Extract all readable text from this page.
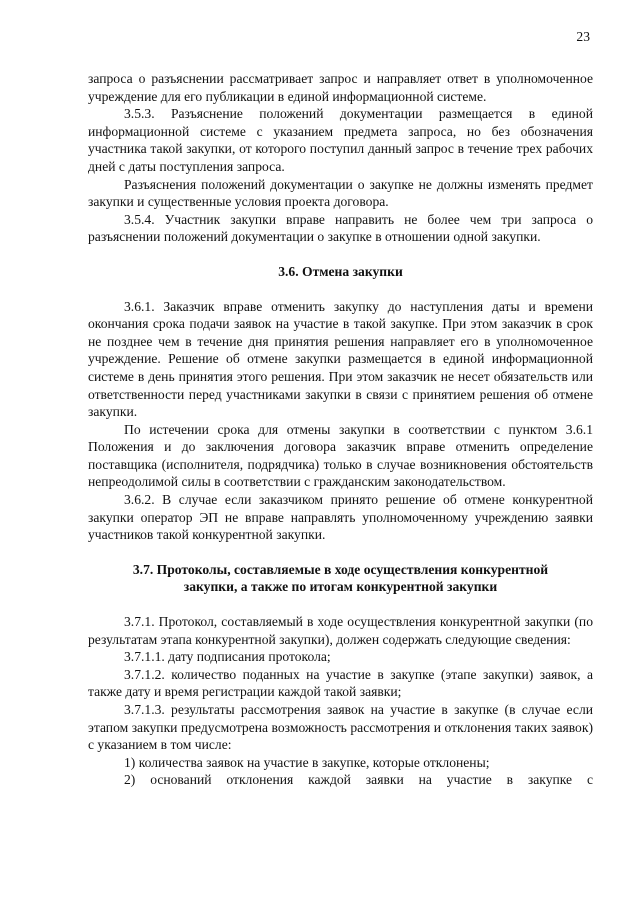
23

запроса о разъяснении рассматривает запрос и направляет ответ в уполномоченное учреждение для его публикации в единой информационной системе.

3.5.3. Разъяснение положений документации размещается в единой информационной системе с указанием предмета запроса, но без обозначения участника такой закупки, от которого поступил данный запрос в течение трех рабочих дней с даты поступления запроса.

Разъяснения положений документации о закупке не должны изменять предмет закупки и существенные условия проекта договора.

3.5.4. Участник закупки вправе направить не более чем три запроса о разъяснении положений документации о закупке в отношении одной закупки.

3.6. Отмена закупки

3.6.1. Заказчик вправе отменить закупку до наступления даты и времени окончания срока подачи заявок на участие в такой закупке. При этом заказчик в срок не позднее чем в течение дня принятия решения направляет его в уполномоченное учреждение. Решение об отмене закупки размещается в единой информационной системе в день принятия этого решения. При этом заказчик не несет обязательств или ответственности перед участниками закупки в связи с принятием решения об отмене закупки.

По истечении срока для отмены закупки в соответствии с пунктом 3.6.1 Положения и до заключения договора заказчик вправе отменить определение поставщика (исполнителя, подрядчика) только в случае возникновения обстоятельств непреодолимой силы в соответствии с гражданским законодательством.

3.6.2. В случае если заказчиком принято решение об отмене конкурентной закупки оператор ЭП не вправе направлять уполномоченному учреждению заявки участников такой конкурентной закупки.

3.7. Протоколы, составляемые в ходе осуществления конкурентной закупки, а также по итогам конкурентной закупки

3.7.1. Протокол, составляемый в ходе осуществления конкурентной закупки (по результатам этапа конкурентной закупки), должен содержать следующие сведения:

3.7.1.1. дату подписания протокола;

3.7.1.2. количество поданных на участие в закупке (этапе закупки) заявок, а также дату и время регистрации каждой такой заявки;

3.7.1.3. результаты рассмотрения заявок на участие в закупке (в случае если этапом закупки предусмотрена возможность рассмотрения и отклонения таких заявок) с указанием в том числе:

1) количества заявок на участие в закупке, которые отклонены;

2) оснований отклонения каждой заявки на участие в закупке с
